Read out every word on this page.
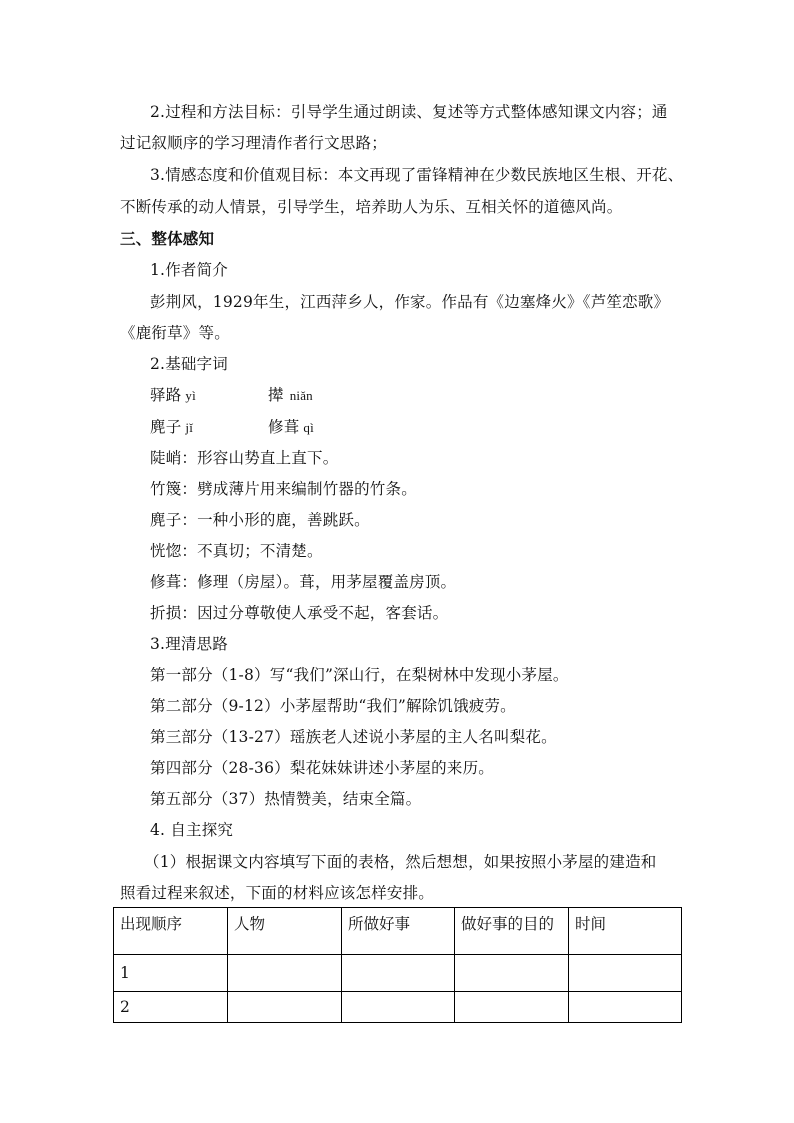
2.过程和方法目标：引导学生通过朗读、复述等方式整体感知课文内容；通
过记叙顺序的学习理清作者行文思路；
3.情感态度和价值观目标：本文再现了雷锋精神在少数民族地区生根、开花、
不断传承的动人情景，引导学生，培养助人为乐、互相关怀的道德风尚。
三、整体感知
1.作者简介
彭荆风，1929年生，江西萍乡人，作家。作品有《边塞烽火》《芦笙恋歌》
《鹿衔草》等。
2.基础字词
驿路 yì	撵 niǎn
麂子 jǐ	修葺 qì
陡峭：形容山势直上直下。
竹篾：劈成薄片用来编制竹器的竹条。
麂子：一种小形的鹿，善跳跃。
恍惚：不真切；不清楚。
修葺：修理（房屋）。葺，用茅屋覆盖房顶。
折损：因过分尊敬使人承受不起，客套话。
3.理清思路
第一部分（1-8）写“我们”深山行，在梨树林中发现小茅屋。
第二部分（9-12）小茅屋帮助“我们”解除饥饿疲劳。
第三部分（13-27）瑶族老人述说小茅屋的主人名叫梨花。
第四部分（28-36）梨花妹妹讲述小茅屋的来历。
第五部分（37）热情赞美，结束全篇。
4. 自主探究
（1）根据课文内容填写下面的表格，然后想想，如果按照小茅屋的建造和
照看过程来叙述，下面的材料应该怎样安排。
出现顺序	人物	所做好事	做好事的目的	时间
1				
2				
